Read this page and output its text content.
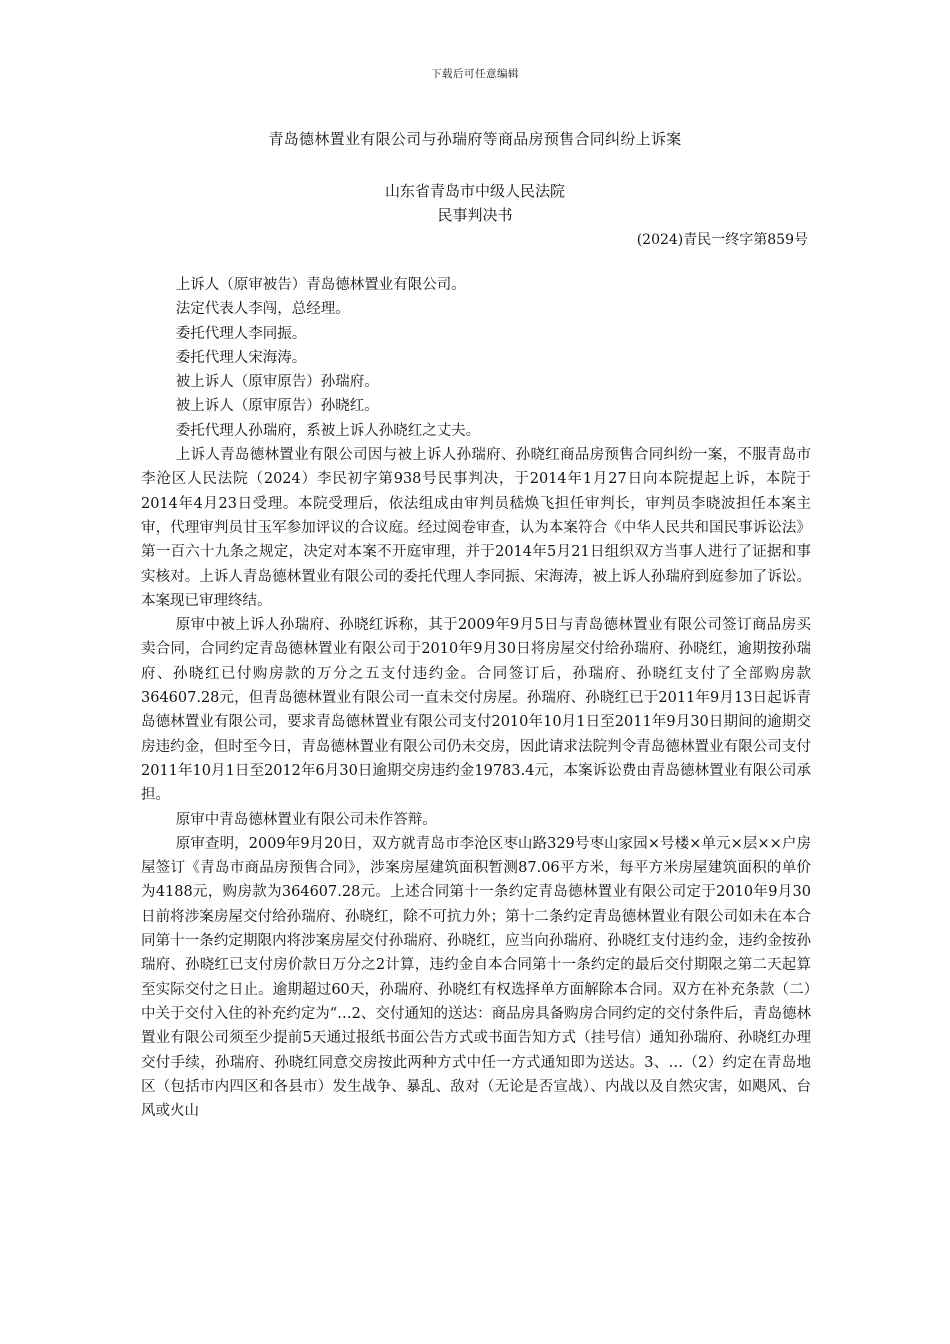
下载后可任意编辑
青岛德林置业有限公司与孙瑞府等商品房预售合同纠纷上诉案
山东省青岛市中级人民法院
民事判决书
(2024)青民一终字第859号

上诉人（原审被告）青岛德林置业有限公司。

法定代表人李闯，总经理。

委托代理人李同振。

委托代理人宋海涛。

被上诉人（原审原告）孙瑞府。

被上诉人（原审原告）孙晓红。

委托代理人孙瑞府，系被上诉人孙晓红之丈夫。

上诉人青岛德林置业有限公司因与被上诉人孙瑞府、孙晓红商品房预售合同纠纷一案，不服青岛市李沧区人民法院（2024）李民初字第938号民事判决，于2014年1月27日向本院提起上诉，本院于2014年4月23日受理。本院受理后，依法组成由审判员嵇焕飞担任审判长，审判员李晓波担任本案主审，代理审判员甘玉军参加评议的合议庭。经过阅卷审查，认为本案符合《中华人民共和国民事诉讼法》第一百六十九条之规定，决定对本案不开庭审理，并于2014年5月21日组织双方当事人进行了证据和事实核对。上诉人青岛德林置业有限公司的委托代理人李同振、宋海涛，被上诉人孙瑞府到庭参加了诉讼。本案现已审理终结。

原审中被上诉人孙瑞府、孙晓红诉称，其于2009年9月5日与青岛德林置业有限公司签订商品房买卖合同，合同约定青岛德林置业有限公司于2010年9月30日将房屋交付给孙瑞府、孙晓红，逾期按孙瑞府、孙晓红已付购房款的万分之五支付违约金。合同签订后，孙瑞府、孙晓红支付了全部购房款364607.28元，但青岛德林置业有限公司一直未交付房屋。孙瑞府、孙晓红已于2011年9月13日起诉青岛德林置业有限公司，要求青岛德林置业有限公司支付2010年10月1日至2011年9月30日期间的逾期交房违约金，但时至今日，青岛德林置业有限公司仍未交房，因此请求法院判令青岛德林置业有限公司支付2011年10月1日至2012年6月30日逾期交房违约金19783.4元，本案诉讼费由青岛德林置业有限公司承担。

原审中青岛德林置业有限公司未作答辩。

原审查明，2009年9月20日，双方就青岛市李沧区枣山路329号枣山家园×号楼×单元×层××户房屋签订《青岛市商品房预售合同》，涉案房屋建筑面积暂测87.06平方米，每平方米房屋建筑面积的单价为4188元，购房款为364607.28元。上述合同第十一条约定青岛德林置业有限公司定于2010年9月30日前将涉案房屋交付给孙瑞府、孙晓红，除不可抗力外；第十二条约定青岛德林置业有限公司如未在本合同第十一条约定期限内将涉案房屋交付孙瑞府、孙晓红，应当向孙瑞府、孙晓红支付违约金，违约金按孙瑞府、孙晓红已支付房价款日万分之2计算，违约金自本合同第十一条约定的最后交付期限之第二天起算至实际交付之日止。逾期超过60天，孙瑞府、孙晓红有权选择单方面解除本合同。双方在补充条款（二）中关于交付入住的补充约定为“…2、交付通知的送达：商品房具备购房合同约定的交付条件后，青岛德林置业有限公司须至少提前5天通过报纸书面公告方式或书面告知方式（挂号信）通知孙瑞府、孙晓红办理交付手续，孙瑞府、孙晓红同意交房按此两种方式中任一方式通知即为送达。3、…（2）约定在青岛地区（包括市内四区和各县市）发生战争、暴乱、敌对（无论是否宣战）、内战以及自然灾害，如飓风、台风或火山
